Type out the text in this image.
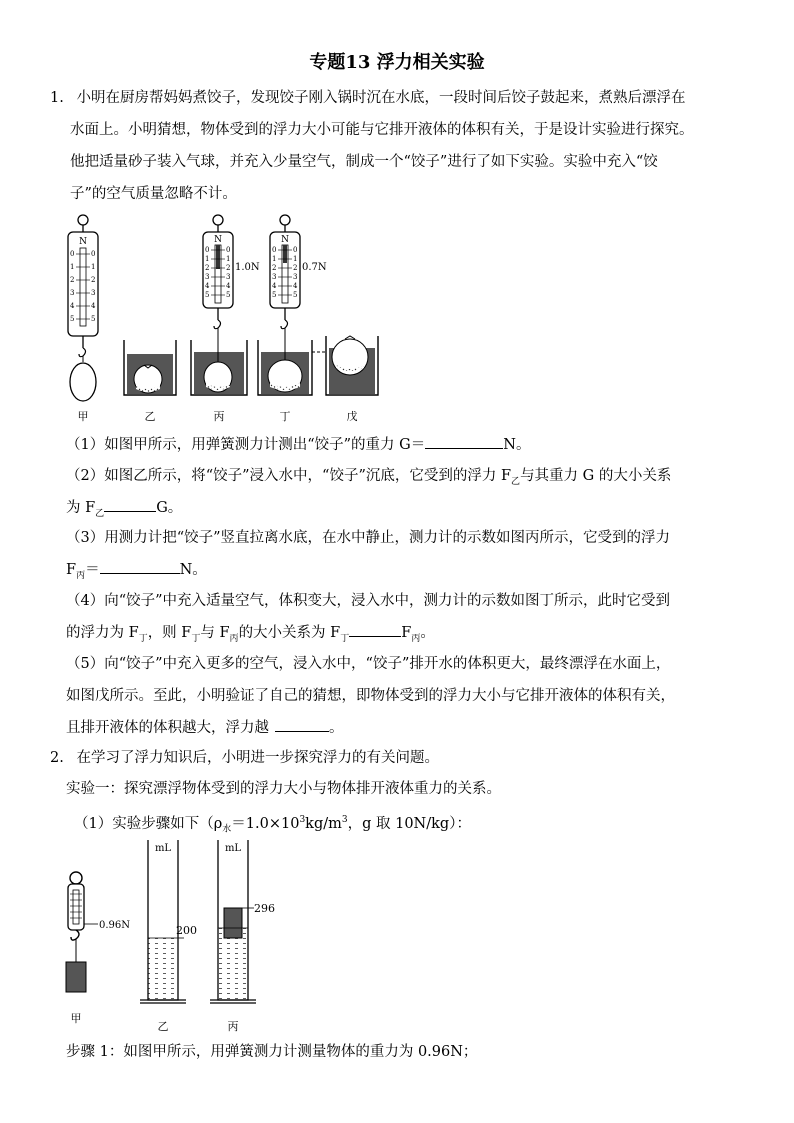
专题13 浮力相关实验
1. 小明在厨房帮妈妈煮饺子，发现饺子刚入锅时沉在水底，一段时间后饺子鼓起来，煮熟后漂浮在
水面上。小明猜想，物体受到的浮力大小可能与它排开液体的体积有关，于是设计实验进行探究。
他把适量砂子装入气球，并充入少量空气，制成一个“饺子”进行了如下实验。实验中充入“饺
子”的空气质量忽略不计。
N
0
1
2
3
4
5
0
1
2
3
4
5
N
0
1
2
3
4
5
0
1
2
3
4
5
1.0N
N
0
1
2
3
4
5
0
1
2
3
4
5
0.7N
甲	乙	丙	丁	戊
（1）如图甲所示，用弹簧测力计测出“饺子”的重力 G＝	N。
（2）如图乙所示，将“饺子”浸入水中，“饺子”沉底，它受到的浮力 $F_乙$与其重力 G 的大小关系
为 $F_乙$	G。
（3）用测力计把“饺子”竖直拉离水底，在水中静止，测力计的示数如图丙所示，它受到的浮力
$F_丙=$	N。
（4）向“饺子”中充入适量空气，体积变大，浸入水中，测力计的示数如图丁所示，此时它受到
的浮力为 $F_丁$，则 $F_丁$与 $F_丙$的大小关系为 $F_丁$	$F_丙$。
（5）向“饺子”中充入更多的空气，浸入水中，“饺子”排开水的体积更大，最终漂浮在水面上，
如图戊所示。至此，小明验证了自己的猜想，即物体受到的浮力大小与它排开液体的体积有关，
且排开液体的体积越大，浮力越	。
2. 在学习了浮力知识后，小明进一步探究浮力的有关问题。
实验一：探究漂浮物体受到的浮力大小与物体排开液体重力的关系。
（1）实验步骤如下（$\rho_水=1.0\times 10^3kg/m^3$，g 取 10N/kg）：
0.96N
甲
mL
200
乙
mL
296
丙
步骤 1：如图甲所示，用弹簧测力计测量物体的重力为 0.96N；
